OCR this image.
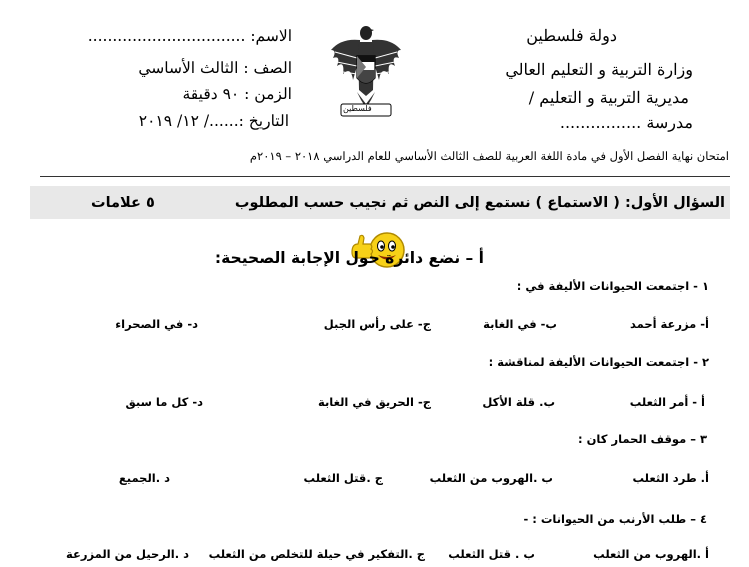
دولة فلسطين
وزارة التربية و التعليم العالي
مديرية التربية و التعليم /
مدرسة ................
الاسم: ................................
الصف : الثالث الأساسي
الزمن : ٩٠ دقيقة
التاريخ :....../ ١٢/ ٢٠١٩
فلسطين
امتحان نهاية الفصل الأول في مادة اللغة العربية للصف الثالث الأساسي للعام الدراسي ٢٠١٨ – ٢٠١٩م
السؤال الأول: ( الاستماع ) نستمع إلى النص ثم نجيب حسب المطلوب
٥ علامات
أ – نضع دائرة حول الإجابة الصحيحة:
١ - اجتمعت الحيوانات الأليفة في :
أ- مزرعة أحمد
ب- في الغابة
ج- على رأس الجبل
د- في الصحراء
٢ - اجتمعت الحيوانات الأليفة لمناقشة :
أ - أمر الثعلب
ب. قلة الأكل
ج- الحريق في الغابة
د- كل ما سبق
٣ – موقف الحمار كان :
أ. طرد الثعلب
ب .الهروب من الثعلب
ج .قتل الثعلب
د .الجميع
٤ – طلب الأرنب من الحيوانات : -
أ .الهروب من الثعلب
ب . قتل الثعلب
ج .التفكير في حيلة للتخلص من الثعلب
د .الرحيل من المزرعة
